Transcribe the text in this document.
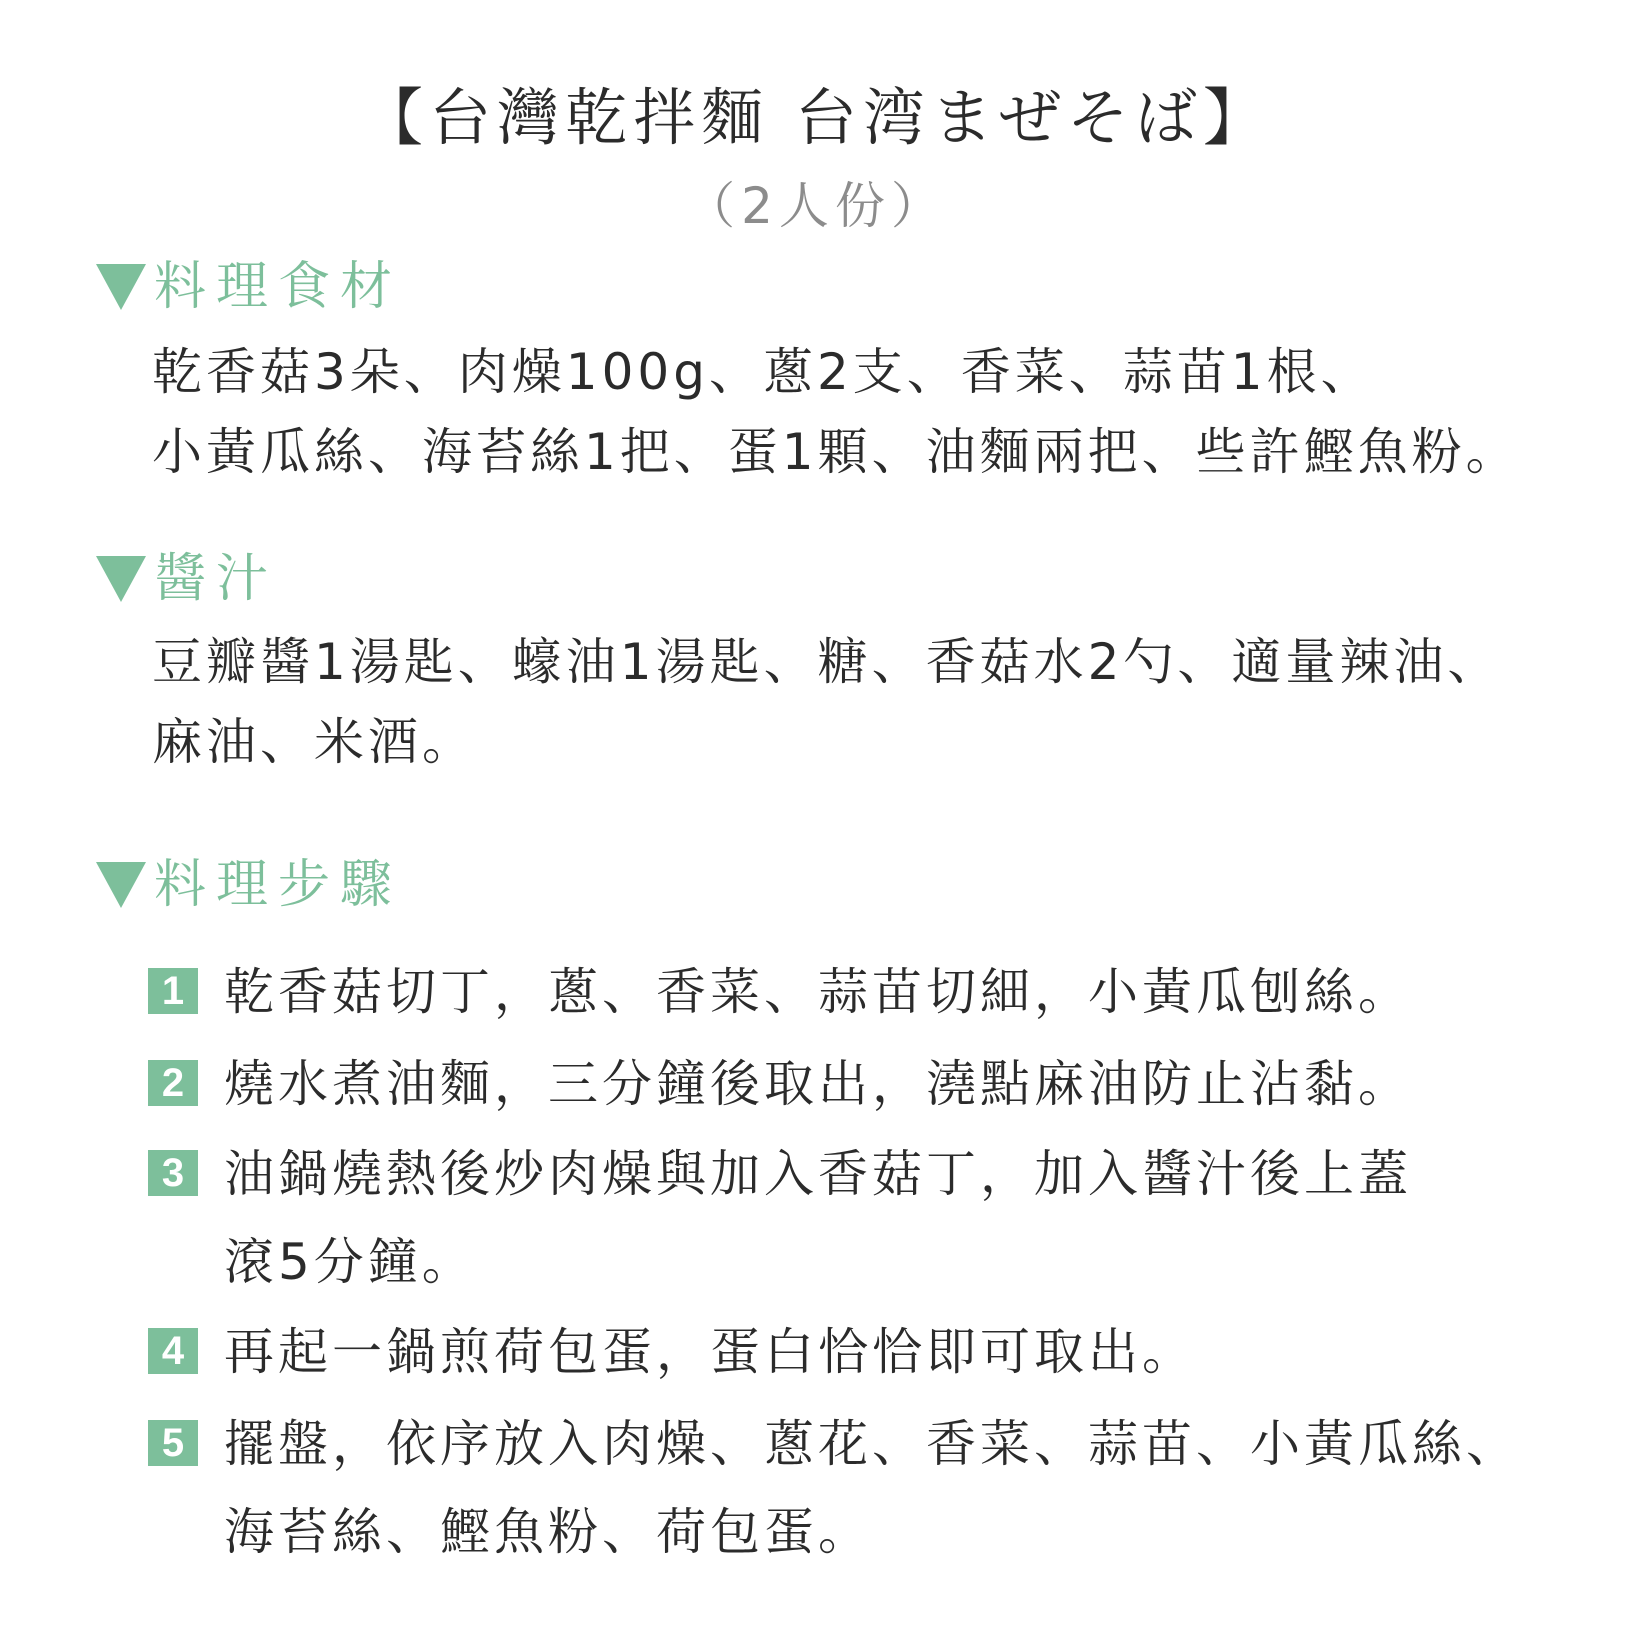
【台灣乾拌麵 台湾まぜそば】
（2人份）
料理食材
乾香菇3朵、肉燥100g、蔥2支、香菜、蒜苗1根、
小黃瓜絲、海苔絲1把、蛋1顆、油麵兩把、些許鰹魚粉。
醬汁
豆瓣醬1湯匙、蠔油1湯匙、糖、香菇水2勺、適量辣油、
麻油、米酒。
料理步驟
1 乾香菇切丁，蔥、香菜、蒜苗切細，小黃瓜刨絲。
2 燒水煮油麵，三分鐘後取出，澆點麻油防止沾黏。
3 油鍋燒熱後炒肉燥與加入香菇丁，加入醬汁後上蓋
滾5分鐘。
4 再起一鍋煎荷包蛋，蛋白恰恰即可取出。
5 擺盤，依序放入肉燥、蔥花、香菜、蒜苗、小黃瓜絲、
海苔絲、鰹魚粉、荷包蛋。
